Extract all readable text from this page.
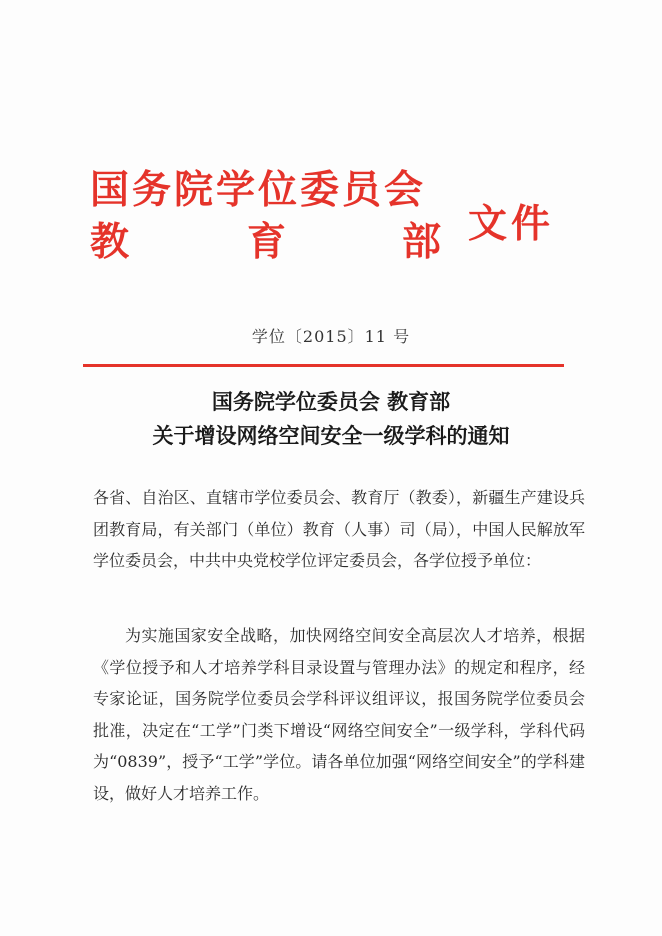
国务院学位委员会
教	育	部 文件
学位〔2015〕11 号
国务院学位委员会 教育部
关于增设网络空间安全一级学科的通知
各省、自治区、直辖市学位委员会、教育厅（教委），新疆生产建设兵团教育局，有关部门（单位）教育（人事）司（局），中国人民解放军学位委员会，中共中央党校学位评定委员会，各学位授予单位：
为实施国家安全战略，加快网络空间安全高层次人才培养，根据《学位授予和人才培养学科目录设置与管理办法》的规定和程序，经专家论证，国务院学位委员会学科评议组评议，报国务院学位委员会批准，决定在“工学”门类下增设“网络空间安全”一级学科，学科代码为“0839”，授予“工学”学位。请各单位加强“网络空间安全”的学科建设，做好人才培养工作。
